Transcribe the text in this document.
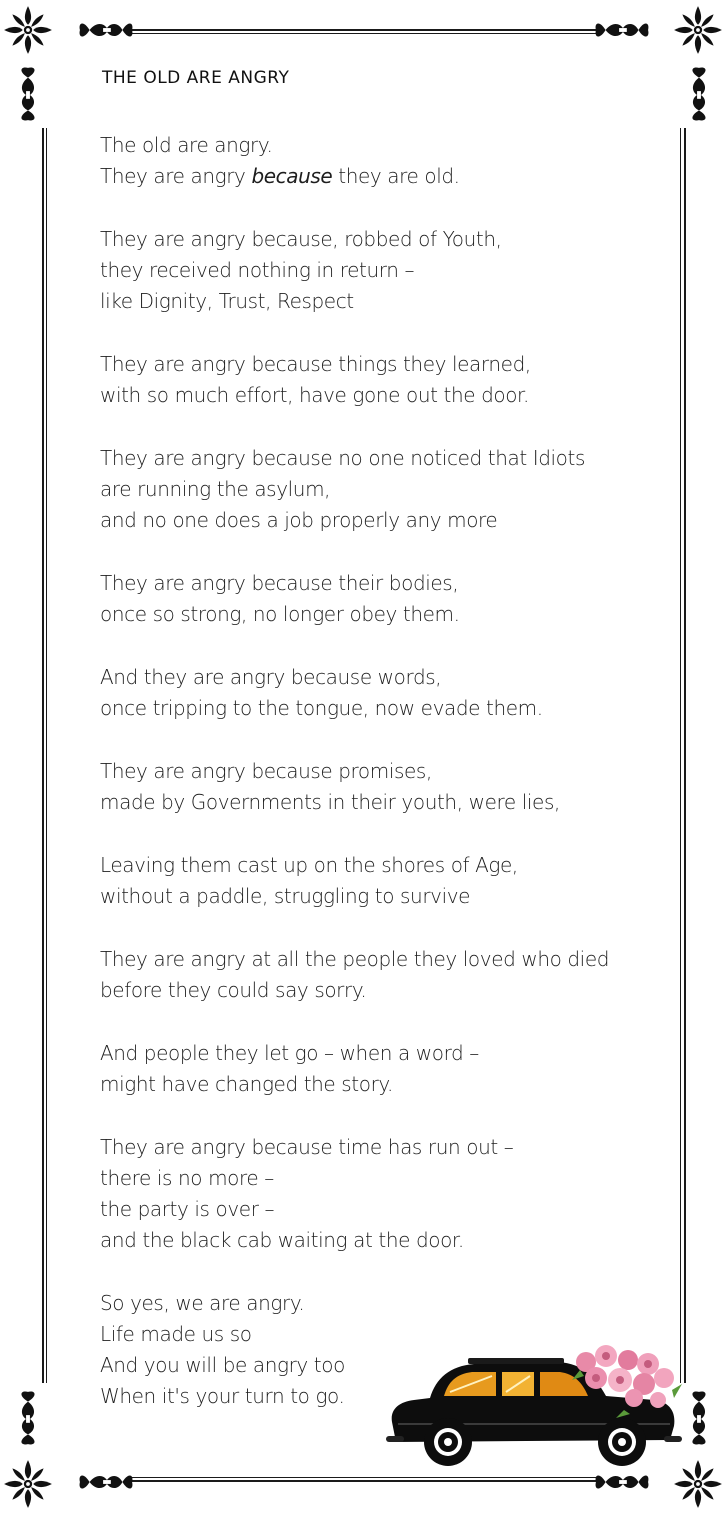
THE OLD ARE ANGRY
The old are angry.
They are angry because they are old.
They are angry because, robbed of Youth,
they received nothing in return –
like Dignity, Trust, Respect
They are angry because things they learned,
with so much effort, have gone out the door.
They are angry because no one noticed that Idiots
are running the asylum,
and no one does a job properly any more
They are angry because their bodies,
once so strong, no longer obey them.
And they are angry because words,
once tripping to the tongue, now evade them.
They are angry because promises,
made by Governments in their youth, were lies,
Leaving them cast up on the shores of Age,
without a paddle, struggling to survive
They are angry at all the people they loved who died
before they could say sorry.
And people they let go – when a word –
might have changed the story.
They are angry because time has run out –
there is no more –
the party is over –
and the black cab waiting at the door.
So yes, we are angry.
Life made us so
And you will be angry too
When it's your turn to go.
